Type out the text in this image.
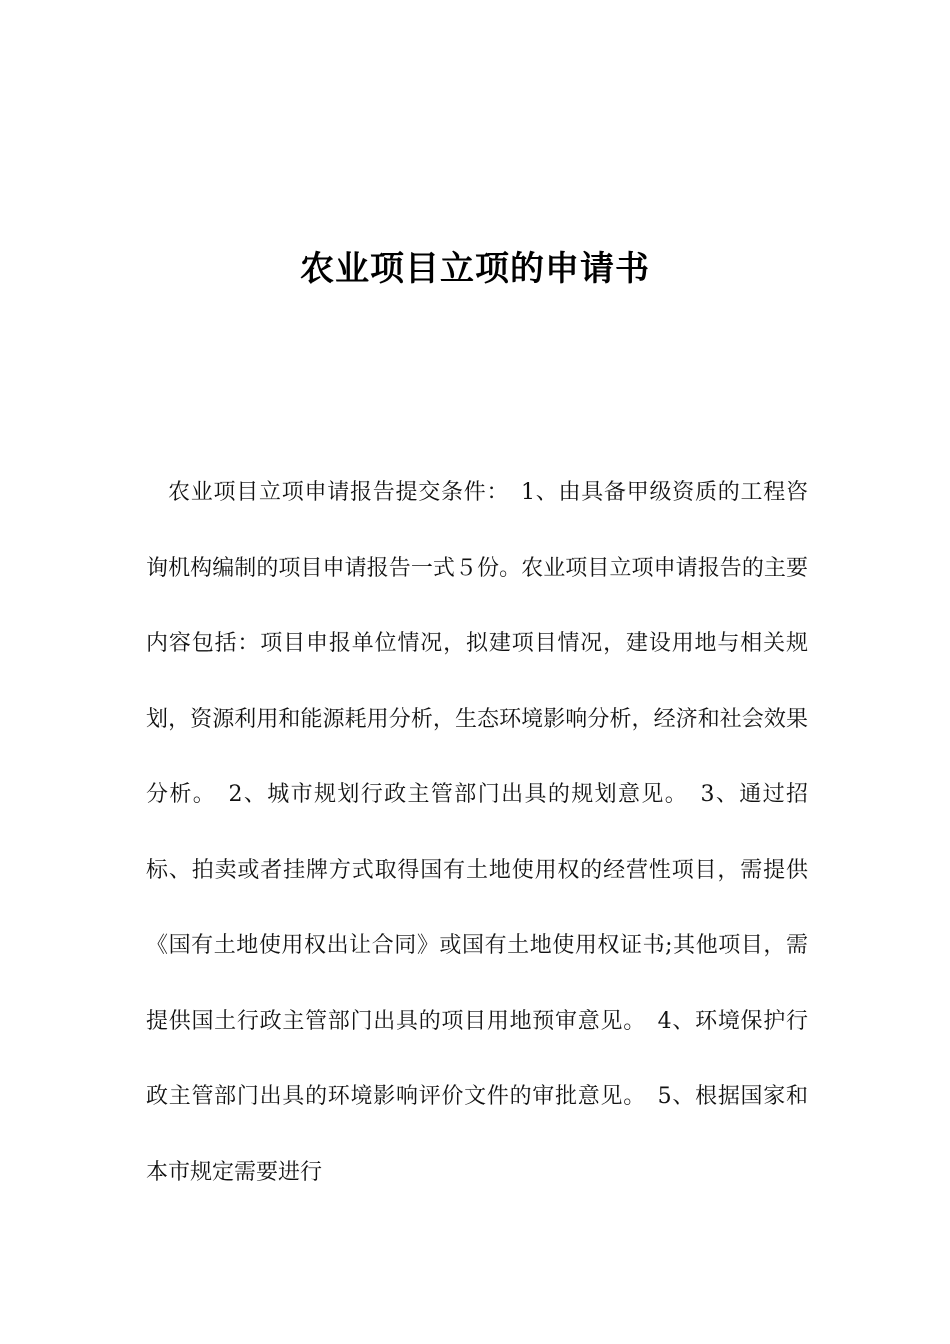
农业项目立项的申请书

农业项目立项申请报告提交条件：　1、由具备甲级资质的工程咨询机构编制的项目申请报告一式５份。农业项目立项申请报告的主要内容包括：项目申报单位情况，拟建项目情况，建设用地与相关规划，资源利用和能源耗用分析，生态环境影响分析，经济和社会效果分析。　2、城市规划行政主管部门出具的规划意见。　3、通过招标、拍卖或者挂牌方式取得国有土地使用权的经营性项目，需提供《国有土地使用权出让合同》或国有土地使用权证书;其他项目，需提供国土行政主管部门出具的项目用地预审意见。　4、环境保护行政主管部门出具的环境影响评价文件的审批意见。　5、根据国家和本市规定需要进行
